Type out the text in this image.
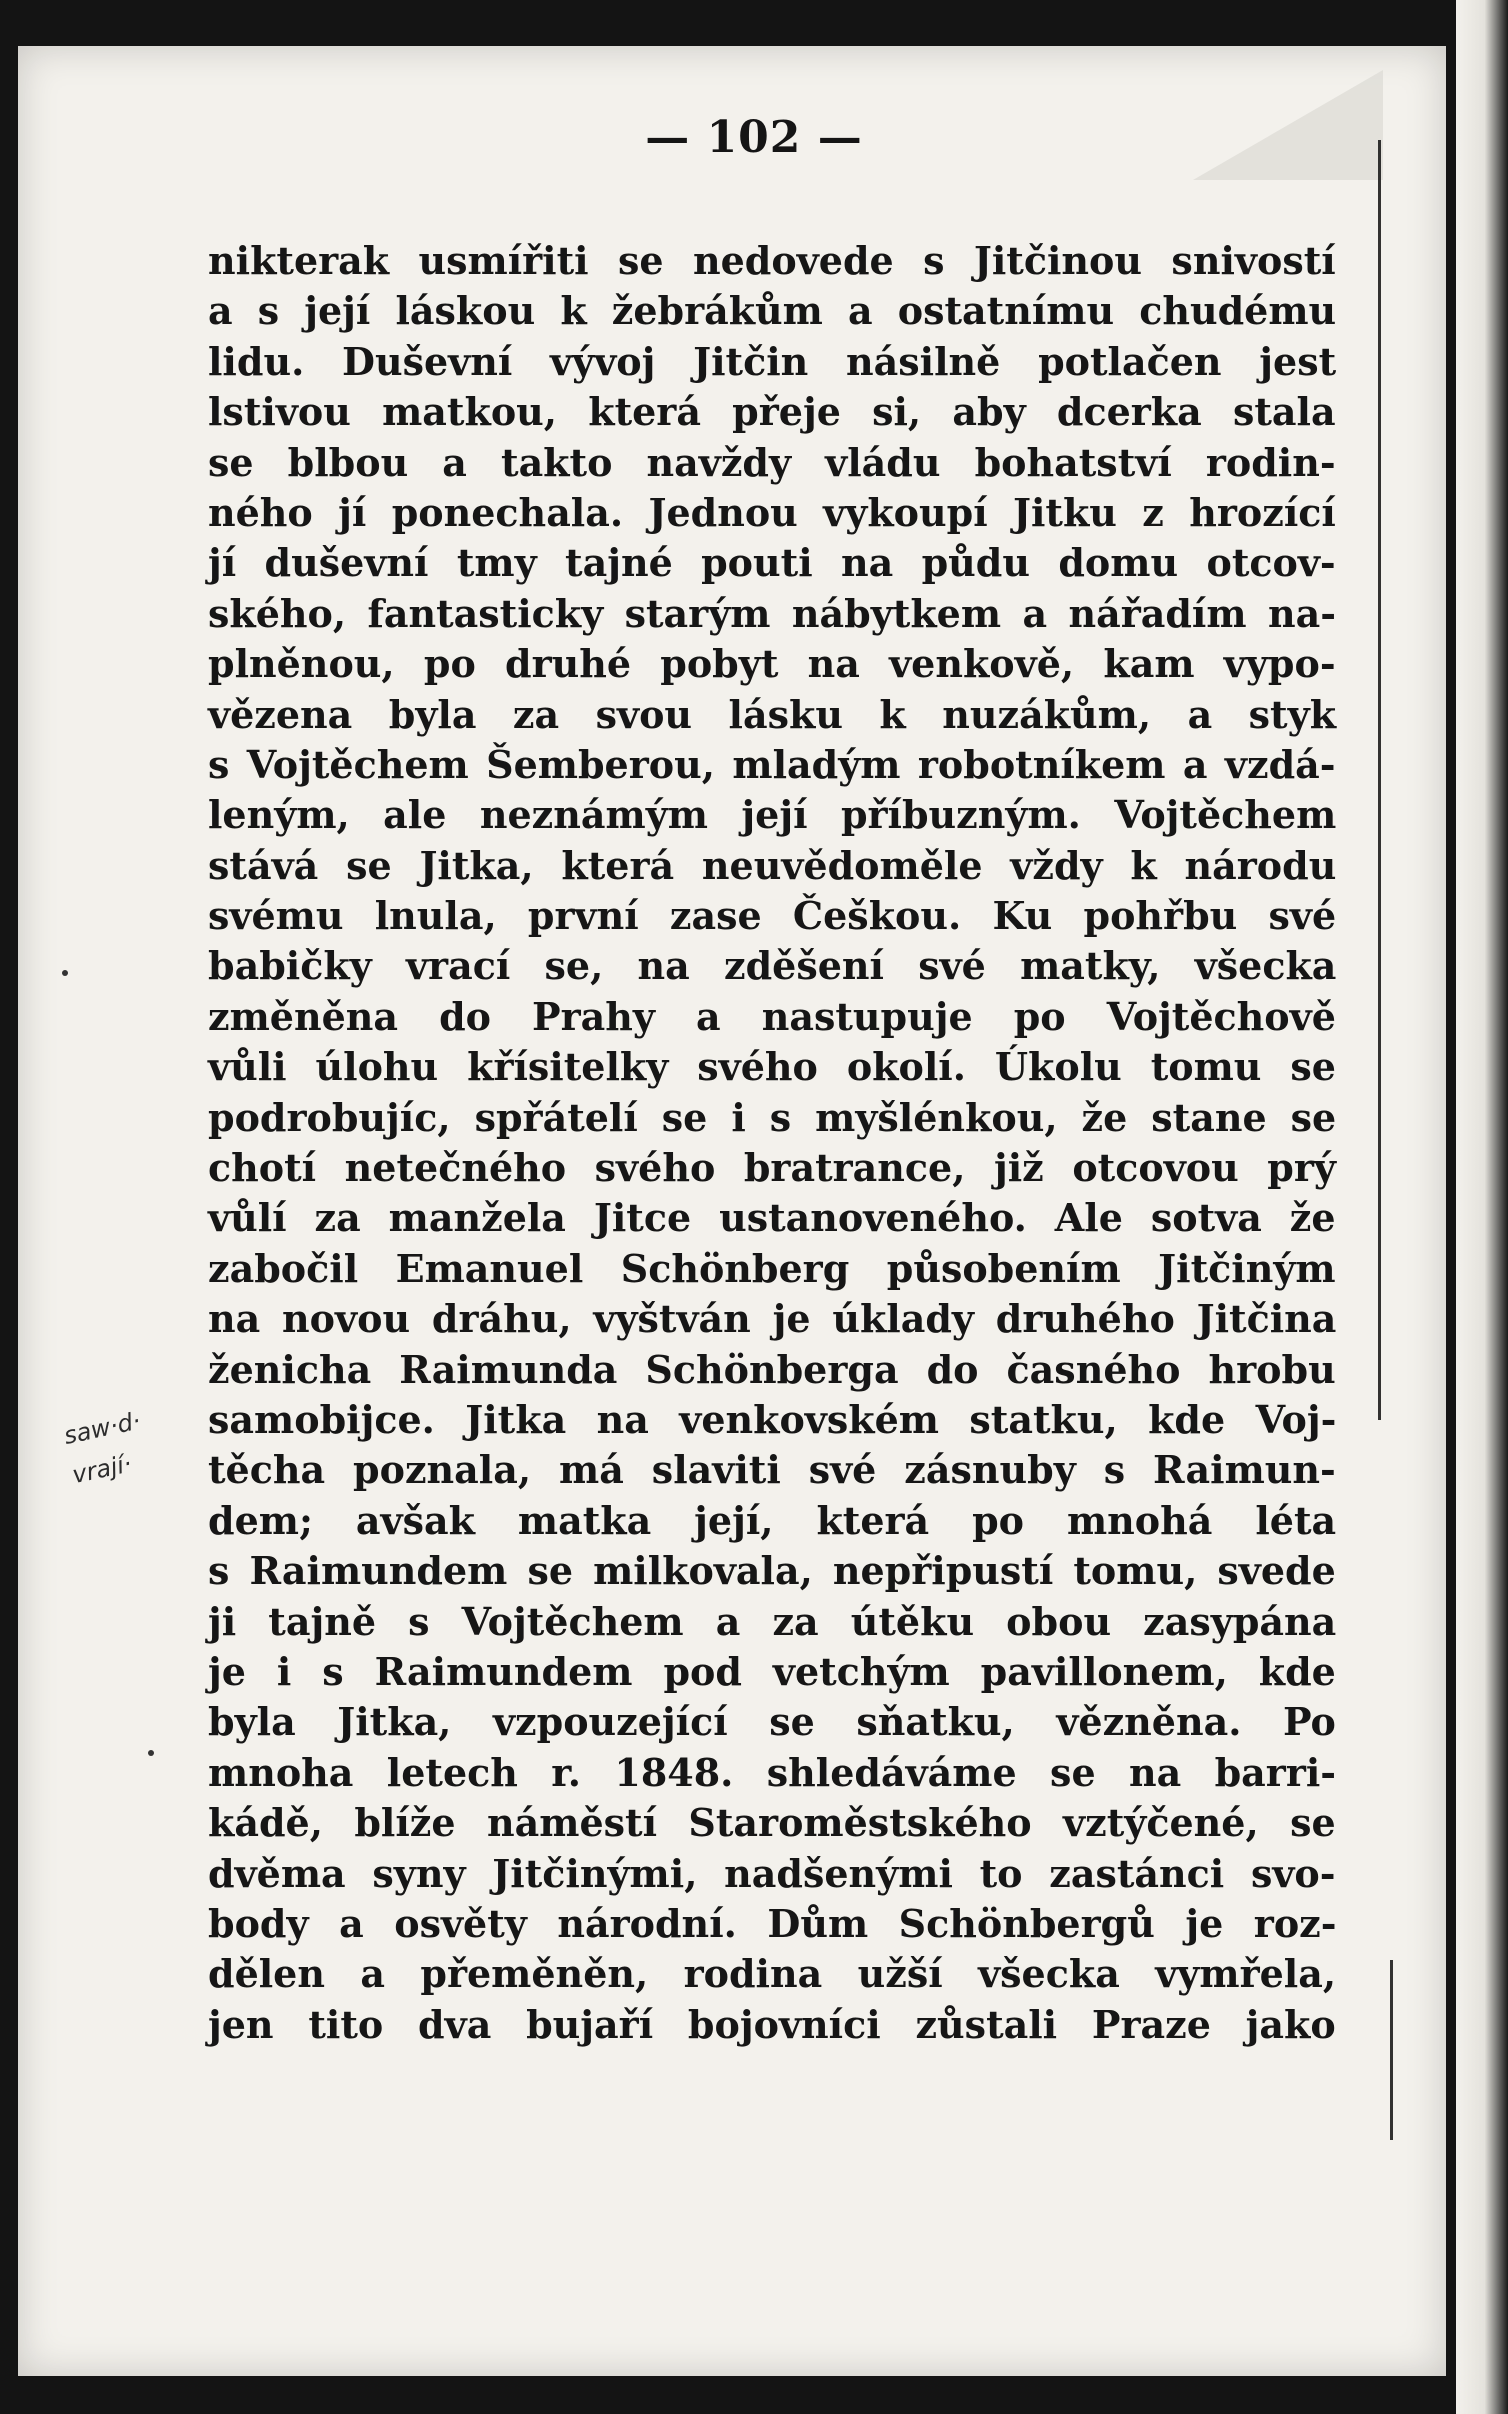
— 102 —
nikterak usmířiti se nedovede s Jitčinou snivostí
a s její láskou k žebrákům a ostatnímu chudému
lidu. Duševní vývoj Jitčin násilně potlačen jest
lstivou matkou, která přeje si, aby dcerka stala
se blbou a takto navždy vládu bohatství rodin-
ného jí ponechala. Jednou vykoupí Jitku z hrozící
jí duševní tmy tajné pouti na půdu domu otcov-
ského, fantasticky starým nábytkem a nářadím na-
plněnou, po druhé pobyt na venkově, kam vypo-
vězena byla za svou lásku k nuzákům, a styk
s Vojtěchem Šemberou, mladým robotníkem a vzdá-
leným, ale neznámým její příbuzným. Vojtěchem
stává se Jitka, která neuvědoměle vždy k národu
svému lnula, první zase Češkou. Ku pohřbu své
babičky vrací se, na zděšení své matky, všecka
změněna do Prahy a nastupuje po Vojtěchově
vůli úlohu křísitelky svého okolí. Úkolu tomu se
podrobujíc, spřátelí se i s myšlénkou, že stane se
chotí netečného svého bratrance, již otcovou prý
vůlí za manžela Jitce ustanoveného. Ale sotva že
zabočil Emanuel Schönberg působením Jitčiným
na novou dráhu, vyštván je úklady druhého Jitčina
ženicha Raimunda Schönberga do časného hrobu
samobijce. Jitka na venkovském statku, kde Voj-
těcha poznala, má slaviti své zásnuby s Raimun-
dem; avšak matka její, která po mnohá léta
s Raimundem se milkovala, nepřipustí tomu, svede
ji tajně s Vojtěchem a za útěku obou zasypána
je i s Raimundem pod vetchým pavillonem, kde
byla Jitka, vzpouzející se sňatku, vězněna. Po
mnoha letech r. 1848. shledáváme se na barri-
kádě, blíže náměstí Staroměstského vztýčené, se
dvěma syny Jitčinými, nadšenými to zastánci svo-
body a osvěty národní. Dům Schönbergů je roz-
dělen a přeměněn, rodina užší všecka vymřela,
jen tito dva bujaří bojovníci zůstali Praze jako
saw·d·
vrají·
